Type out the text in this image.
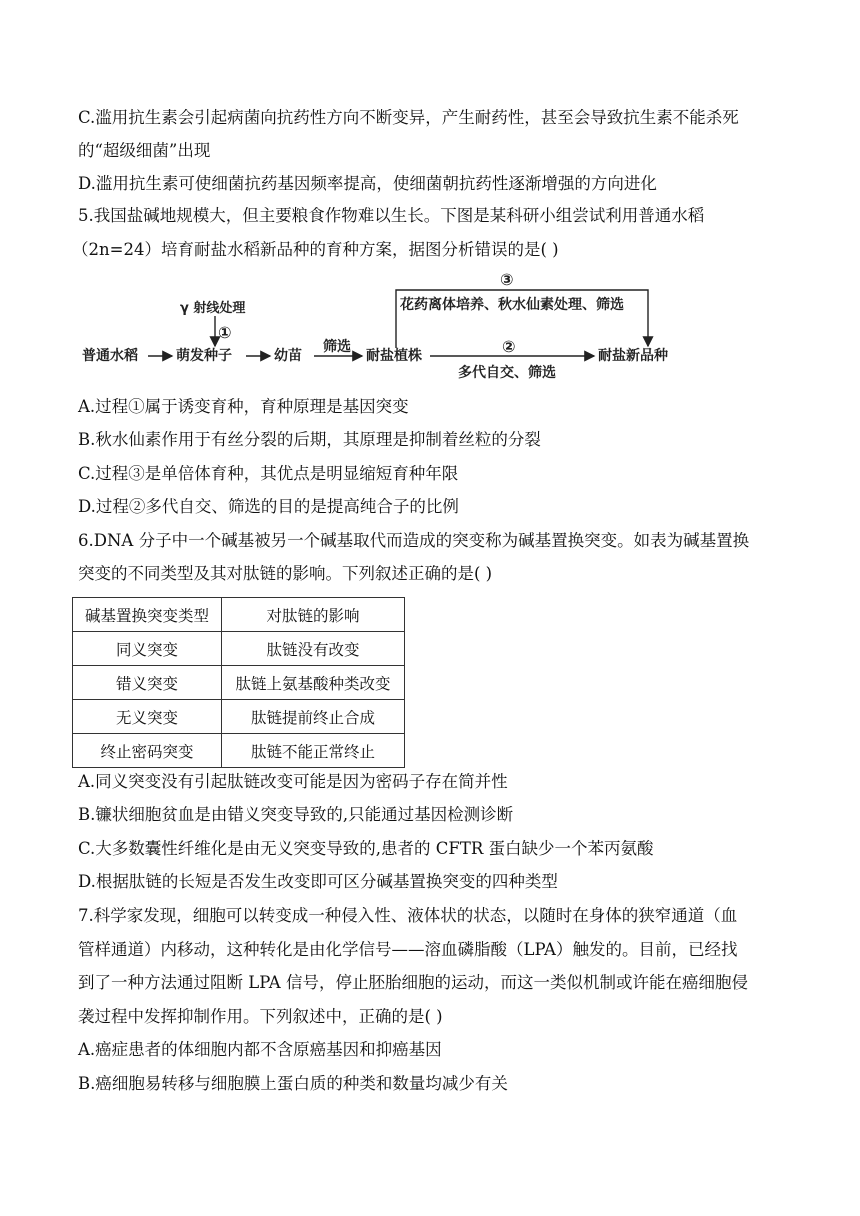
C.滥用抗生素会引起病菌向抗药性方向不断变异，产生耐药性，甚至会导致抗生素不能杀死
的“超级细菌”出现
D.滥用抗生素可使细菌抗药基因频率提高，使细菌朝抗药性逐渐增强的方向进化
5.我国盐碱地规模大，但主要粮食作物难以生长。下图是某科研小组尝试利用普通水稻
（2n=24）培育耐盐水稻新品种的育种方案，据图分析错误的是( )
γ 射线处理
①
③
花药离体培养、秋水仙素处理、筛选
筛选	②
多代自交、筛选
普通水稻	萌发种子	幼苗	耐盐植株	耐盐新品种
A.过程①属于诱变育种，育种原理是基因突变
B.秋水仙素作用于有丝分裂的后期，其原理是抑制着丝粒的分裂
C.过程③是单倍体育种，其优点是明显缩短育种年限
D.过程②多代自交、筛选的目的是提高纯合子的比例
6.DNA 分子中一个碱基被另一个碱基取代而造成的突变称为碱基置换突变。如表为碱基置换
突变的不同类型及其对肽链的影响。下列叙述正确的是( )
碱基置换突变类型	对肽链的影响
同义突变	肽链没有改变
错义突变	肽链上氨基酸种类改变
无义突变	肽链提前终止合成
终止密码突变	肽链不能正常终止
A.同义突变没有引起肽链改变可能是因为密码子存在简并性
B.镰状细胞贫血是由错义突变导致的,只能通过基因检测诊断
C.大多数囊性纤维化是由无义突变导致的,患者的 CFTR 蛋白缺少一个苯丙氨酸
D.根据肽链的长短是否发生改变即可区分碱基置换突变的四种类型
7.科学家发现，细胞可以转变成一种侵入性、液体状的状态，以随时在身体的狭窄通道（血
管样通道）内移动，这种转化是由化学信号——溶血磷脂酸（LPA）触发的。目前，已经找
到了一种方法通过阻断 LPA 信号，停止胚胎细胞的运动，而这一类似机制或许能在癌细胞侵
袭过程中发挥抑制作用。下列叙述中，正确的是( )
A.癌症患者的体细胞内都不含原癌基因和抑癌基因
B.癌细胞易转移与细胞膜上蛋白质的种类和数量均减少有关
